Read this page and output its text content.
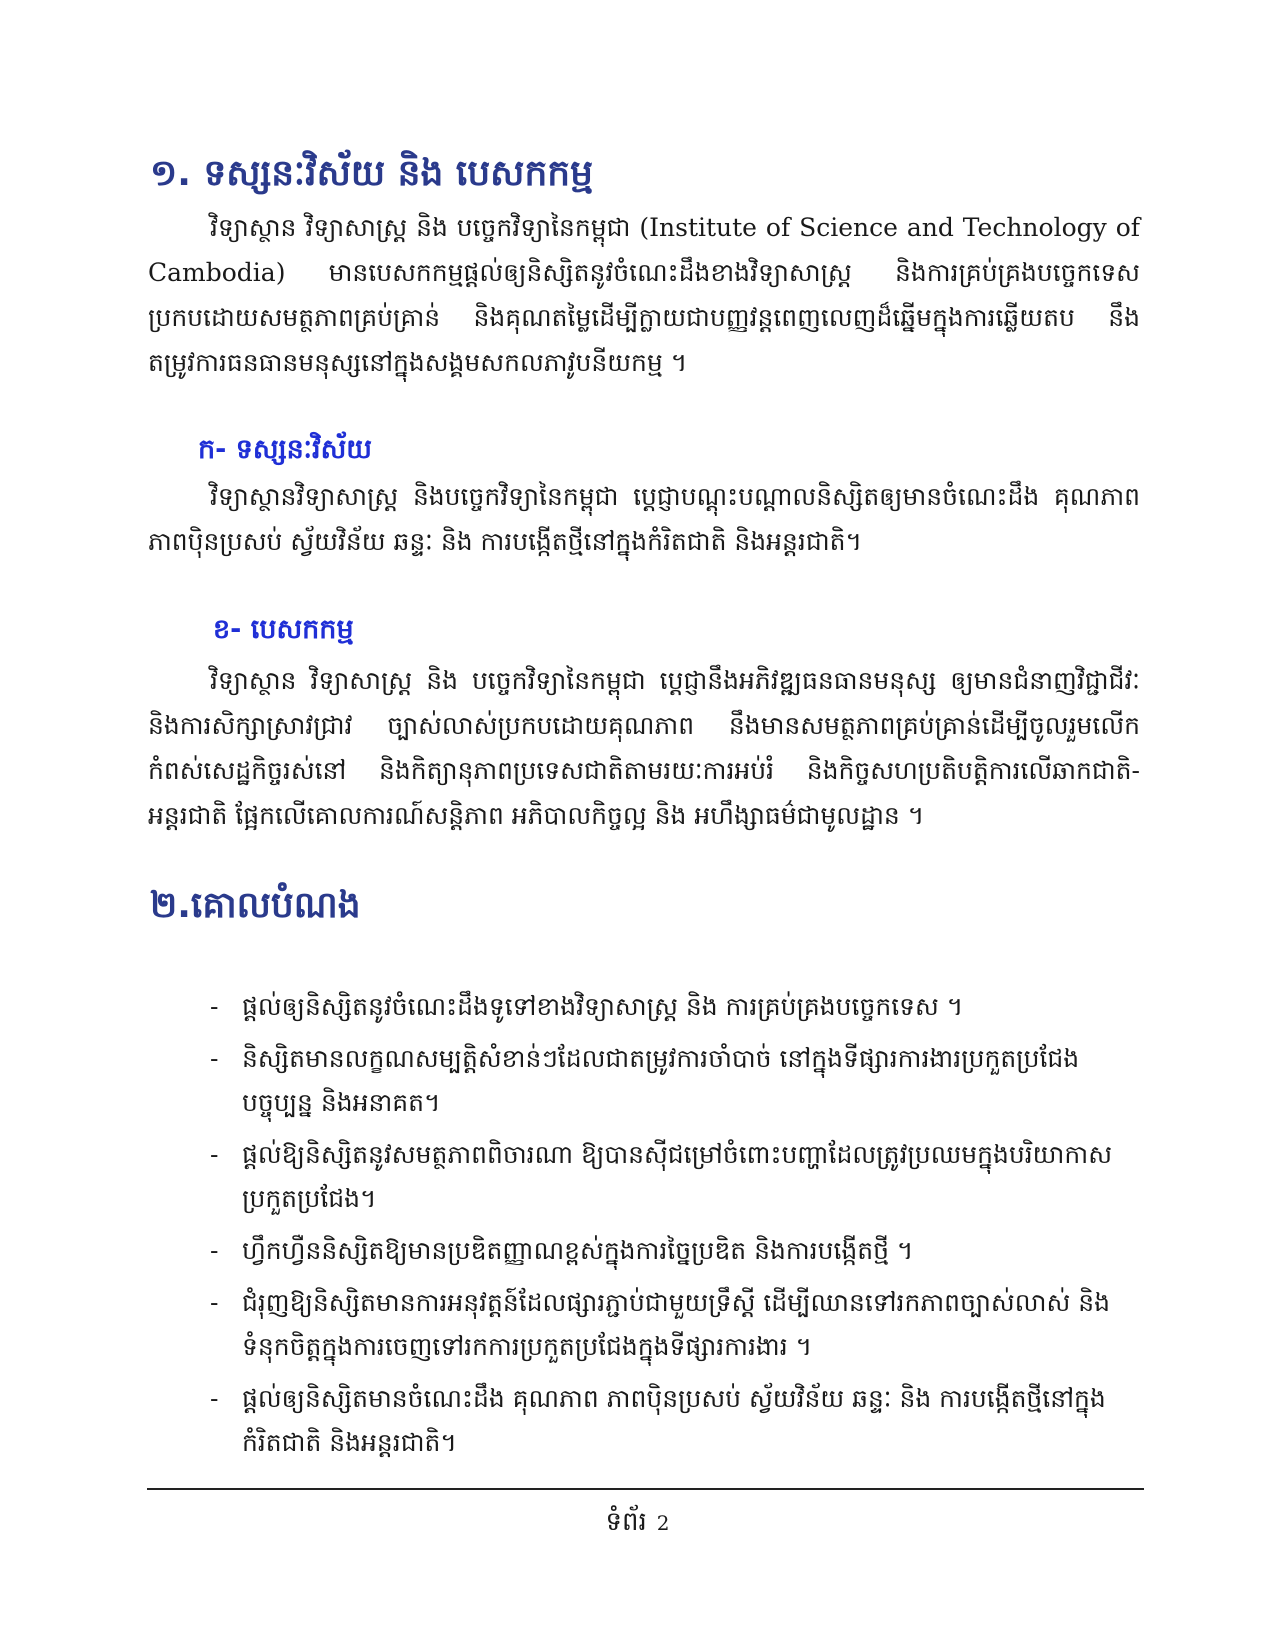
១. ទស្សនៈវិស័យ និង បេសកកម្ម

វិទ្យាស្ថាន វិទ្យាសាស្ត្រ និង បច្ចេកវិទ្យានៃកម្ពុជា (Institute of Science and Technology of Cambodia) មានបេសកកម្មផ្តល់ឲ្យនិស្សិតនូវចំណេះដឹងខាងវិទ្យាសាស្ត្រ និងការគ្រប់គ្រងបច្ចេកទេស ប្រកបដោយសមត្ថភាពគ្រប់គ្រាន់ និងគុណតម្លៃដើម្បីក្លាយជាបញ្ញវន្តពេញលេញដ៏ឆ្នើមក្នុងការឆ្លើយតប នឹងតម្រូវការធនធានមនុស្សនៅក្នុងសង្គមសកលភាវូបនីយកម្ម ។

ក- ទស្សនៈវិស័យ

វិទ្យាស្ថានវិទ្យាសាស្ត្រ និងបច្ចេកវិទ្យានៃកម្ពុជា ប្តេជ្ញាបណ្តុះបណ្តាលនិស្សិតឲ្យមានចំណេះដឹង គុណភាព ភាពប៉ិនប្រសប់ ស្វ័យវិន័យ ឆន្ទៈ និង ការបង្កើតថ្មីនៅក្នុងកំរិតជាតិ និងអន្តរជាតិ។

ខ- បេសកកម្ម

វិទ្យាស្ថាន វិទ្យាសាស្ត្រ និង បច្ចេកវិទ្យានៃកម្ពុជា ប្តេជ្ញានឹងអភិវឌ្ឍធនធានមនុស្ស ឲ្យមានជំនាញវិជ្ជាជីវៈ និងការសិក្សាស្រាវជ្រាវ ច្បាស់លាស់ប្រកបដោយគុណភាព នឹងមានសមត្ថភាពគ្រប់គ្រាន់ដើម្បីចូលរួមលើកកំពស់សេដ្ឋកិច្ចរស់នៅ និងកិត្យានុភាពប្រទេសជាតិតាមរយៈការអប់រំ និងកិច្ចសហប្រតិបត្តិការលើឆាកជាតិ-អន្តរជាតិ ផ្អែកលើគោលការណ៍សន្តិភាព អភិបាលកិច្ចល្អ និង អហឹង្សាធម៌ជាមូលដ្ឋាន ។

២.គោលបំណង
- ផ្តល់ឲ្យនិស្សិតនូវចំណេះដឹងទូទៅខាងវិទ្យាសាស្ត្រ និង ការគ្រប់គ្រងបច្ចេកទេស ។
- និស្សិតមានលក្ខណសម្បត្តិសំខាន់ៗដែលជាតម្រូវការចាំបាច់ នៅក្នុងទីផ្សារការងារប្រកួតប្រជែងបច្ចុប្បន្ន និងអនាគត។
- ផ្តល់ឱ្យនិស្សិតនូវសមត្ថភាពពិចារណា ឱ្យបានស៊ីជម្រៅចំពោះបញ្ហាដែលត្រូវប្រឈមក្នុងបរិយាកាសប្រកួតប្រជែង។
- ហ្វឹកហ្វឺននិស្សិតឱ្យមានប្រឌិតញ្ញាណខ្ពស់ក្នុងការច្នៃប្រឌិត និងការបង្កើតថ្មី ។
- ជំរុញឱ្យនិស្សិតមានការអនុវត្តន៍ដែលផ្សារភ្ជាប់ជាមួយទ្រឹស្តី ដើម្បីឈានទៅរកភាពច្បាស់លាស់ និងទំនុកចិត្តក្នុងការចេញទៅរកការប្រកួតប្រជែងក្នុងទីផ្សារការងារ ។
- ផ្តល់ឲ្យនិស្សិតមានចំណេះដឹង គុណភាព ភាពប៉ិនប្រសប់ ស្វ័យវិន័យ ឆន្ទៈ និង ការបង្កើតថ្មីនៅក្នុងកំរិតជាតិ និងអន្តរជាតិ។
ទំព័រ 2
